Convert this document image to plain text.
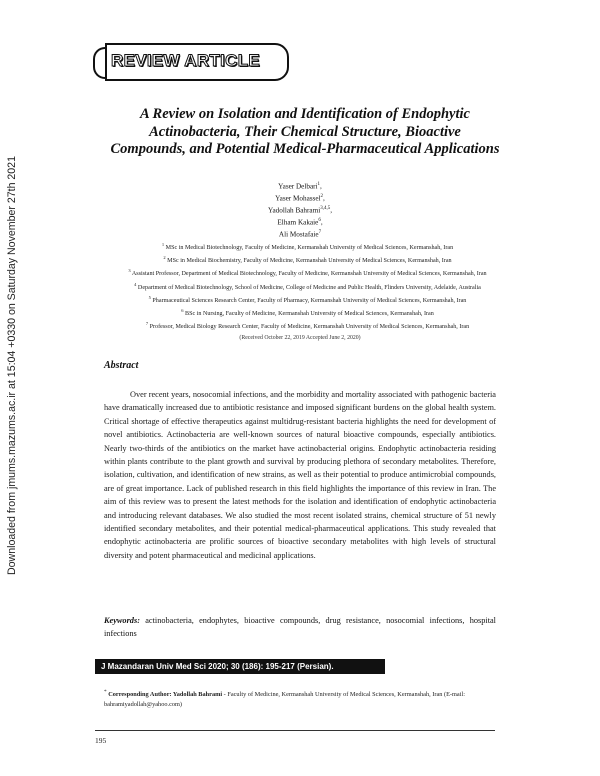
Downloaded from jmums.mazums.ac.ir at 15:04 +0330 on Saturday November 27th 2021
REVIEW ARTICLE
A Review on Isolation and Identification of Endophytic Actinobacteria, Their Chemical Structure, Bioactive Compounds, and Potential Medical-Pharmaceutical Applications
Yaser Delbari$^1$,
Yaser Mohassel$^2$,
Yadollah Bahrami$^{3,4,5}$,
Elham Kakaie$^6$,
Ali Mostafaie$^7$
$^1$ MSc in Medical Biotechnology, Faculty of Medicine, Kermanshah University of Medical Sciences, Kermanshah, Iran
$^2$ MSc in Medical Biochemistry, Faculty of Medicine, Kermanshah University of Medical Sciences, Kermanshah, Iran
$^3$ Assistant Professor, Department of Medical Biotechnology, Faculty of Medicine, Kermanshah University of Medical Sciences, Kermanshah, Iran
$^4$ Department of Medical Biotechnology, School of Medicine, College of Medicine and Public Health, Flinders University, Adelaide, Australia
$^5$ Pharmaceutical Sciences Research Center, Faculty of Pharmacy, Kermanshah University of Medical Sciences, Kermanshah, Iran
$^6$ BSc in Nursing, Faculty of Medicine, Kermanshah University of Medical Sciences, Kermanshah, Iran
$^7$ Professor, Medical Biology Research Center, Faculty of Medicine, Kermanshah University of Medical Sciences, Kermanshah, Iran
(Received October 22, 2019 Accepted June 2, 2020)
Abstract
Over recent years, nosocomial infections, and the morbidity and mortality associated with pathogenic bacteria have dramatically increased due to antibiotic resistance and imposed significant burdens on the global health system. Critical shortage of effective therapeutics against multidrug-resistant bacteria highlights the need for development of novel antibiotics. Actinobacteria are well-known sources of natural bioactive compounds, especially antibiotics. Nearly two-thirds of the antibiotics on the market have actinobacterial origins. Endophytic actinobacteria residing within plants contribute to the plant growth and survival by producing plethora of secondary metabolites. Therefore, isolation, cultivation, and identification of new strains, as well as their potential to produce antimicrobial compounds, are of great importance. Lack of published research in this field highlights the importance of this review in Iran. The aim of this review was to present the latest methods for the isolation and identification of endophytic actinobacteria and introducing relevant databases. We also studied the most recent isolated strains, chemical structure of 51 newly identified secondary metabolites, and their potential medical-pharmaceutical applications. This study revealed that endophytic actinobacteria are prolific sources of bioactive secondary metabolites with high levels of structural diversity and potent pharmaceutical and medicinal applications.
Keywords: actinobacteria, endophytes, bioactive compounds, drug resistance, nosocomial infections, hospital infections
J Mazandaran Univ Med Sci 2020; 30 (186): 195-217 (Persian).
* Corresponding Author: Yadollah Bahrami - Faculty of Medicine, Kermanshah University of Medical Sciences, Kermanshah, Iran (E-mail: bahramiyadollah@yahoo.com)
195
